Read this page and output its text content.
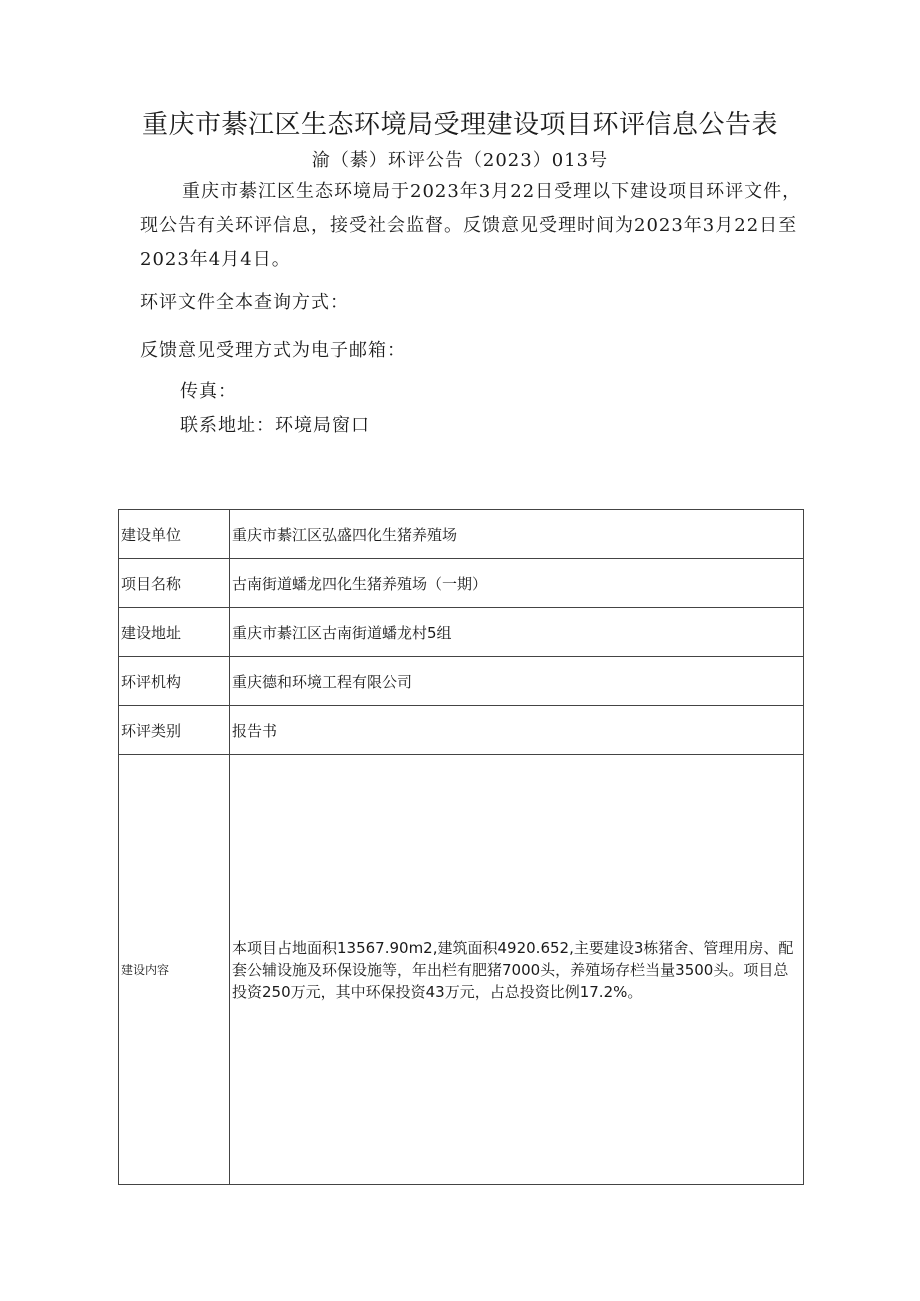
重庆市綦江区生态环境局受理建设项目环评信息公告表
渝（綦）环评公告（2023）013号
重庆市綦江区生态环境局于2023年3月22日受理以下建设项目环评文件，现公告有关环评信息，接受社会监督。反馈意见受理时间为2023年3月22日至2023年4月4日。
环评文件全本查询方式：
反馈意见受理方式为电子邮箱：
传真：
联系地址：环境局窗口
建设单位	重庆市綦江区弘盛四化生猪养殖场
项目名称	古南街道蟠龙四化生猪养殖场（一期）
建设地址	重庆市綦江区古南街道蟠龙村5组
环评机构	重庆德和环境工程有限公司
环评类别	报告书
建设内容	本项目占地面积13567.90m2,建筑面积4920.652,主要建设3栋猪舍、管理用房、配套公辅设施及环保设施等，年出栏有肥猪7000头，养殖场存栏当量3500头。项目总投资250万元，其中环保投资43万元，占总投资比例17.2%。
